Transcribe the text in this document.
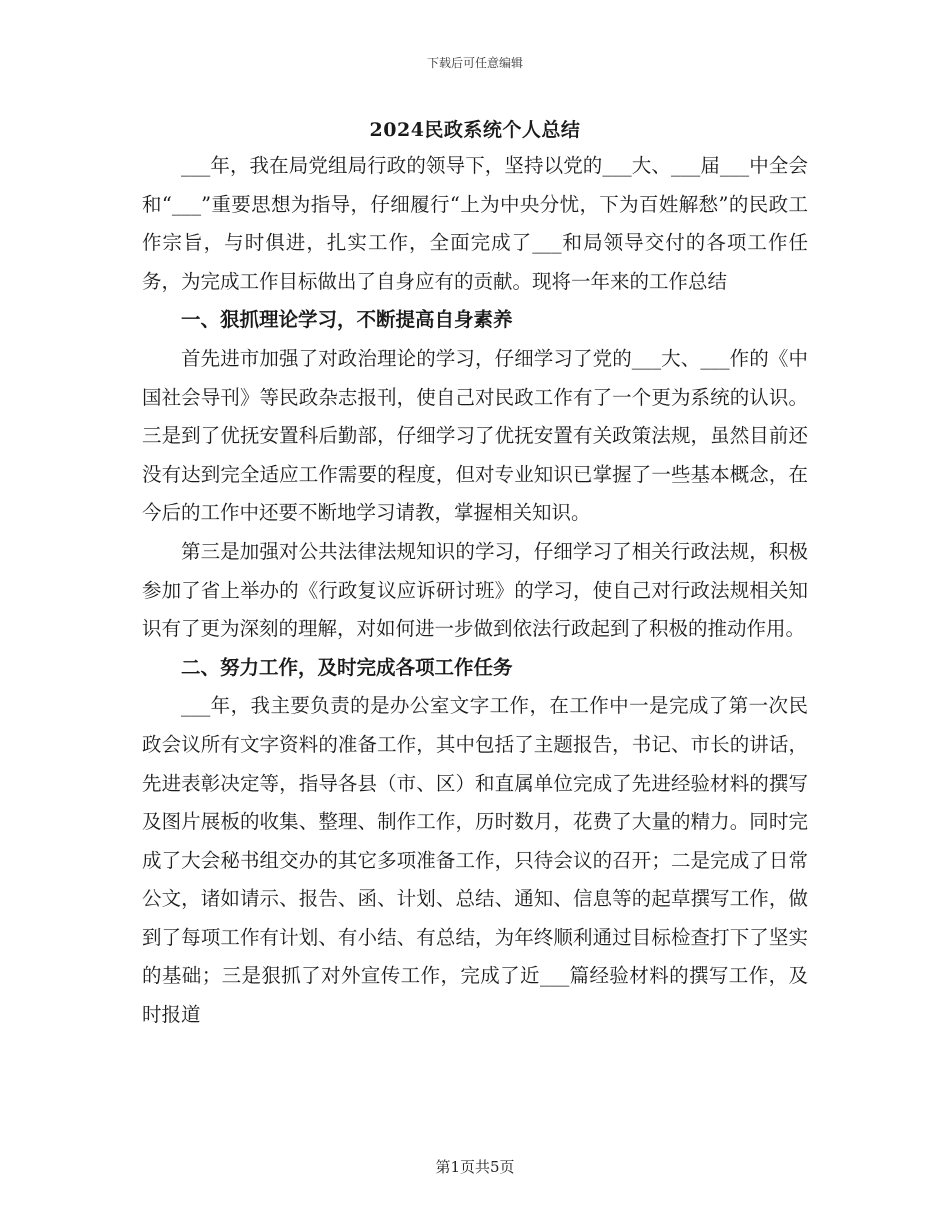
下载后可任意编辑
2024民政系统个人总结

___年，我在局党组局行政的领导下，坚持以党的___大、___届___中全会和“___”重要思想为指导，仔细履行“上为中央分忧，下为百姓解愁”的民政工作宗旨，与时俱进，扎实工作，全面完成了___和局领导交付的各项工作任务，为完成工作目标做出了自身应有的贡献。现将一年来的工作总结

一、狠抓理论学习，不断提高自身素养

首先进市加强了对政治理论的学习，仔细学习了党的___大、___作的《中国社会导刊》等民政杂志报刊，使自己对民政工作有了一个更为系统的认识。三是到了优抚安置科后勤部，仔细学习了优抚安置有关政策法规，虽然目前还没有达到完全适应工作需要的程度，但对专业知识已掌握了一些基本概念，在今后的工作中还要不断地学习请教，掌握相关知识。

第三是加强对公共法律法规知识的学习，仔细学习了相关行政法规，积极参加了省上举办的《行政复议应诉研讨班》的学习，使自己对行政法规相关知识有了更为深刻的理解，对如何进一步做到依法行政起到了积极的推动作用。

二、努力工作，及时完成各项工作任务

___年，我主要负责的是办公室文字工作，在工作中一是完成了第一次民政会议所有文字资料的准备工作，其中包括了主题报告，书记、市长的讲话，先进表彰决定等，指导各县（市、区）和直属单位完成了先进经验材料的撰写及图片展板的收集、整理、制作工作，历时数月，花费了大量的精力。同时完成了大会秘书组交办的其它多项准备工作，只待会议的召开；二是完成了日常公文，诸如请示、报告、函、计划、总结、通知、信息等的起草撰写工作，做到了每项工作有计划、有小结、有总结，为年终顺利通过目标检查打下了坚实的基础；三是狠抓了对外宣传工作，完成了近___篇经验材料的撰写工作，及时报道

第1页共5页
